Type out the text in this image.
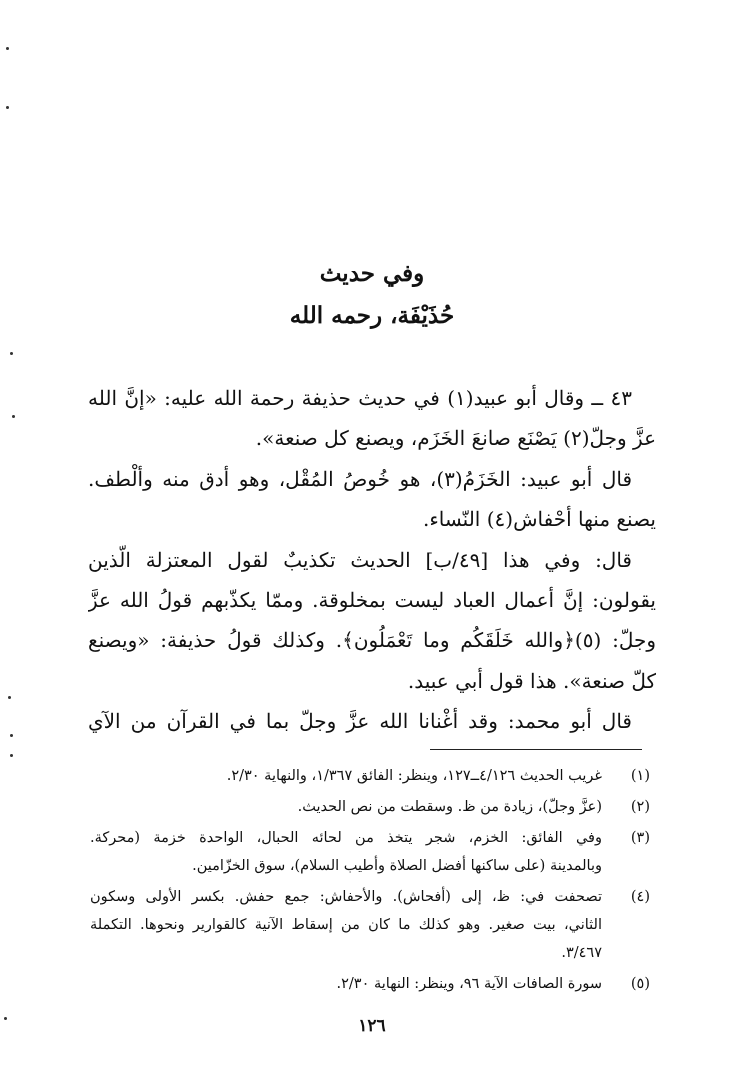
وفي حديث
حُذَيْفَة، رحمه الله
٤٣ ــ وقال أبو عبيد(١) في حديث حذيفة رحمة الله عليه: «إنَّ الله
عزَّ وجلّ(٢) يَصْنَع صانعَ الخَزَم، ويصنع كل صنعة».
قال أبو عبيد: الخَزَمُ(٣)، هو خُوصُ المُقْل، وهو أدق منه وألْطف.
يصنع منها أحْفاش(٤) النّساء.
قال: وفي هذا [٤٩/ب] الحديث تكذيبٌ لقول المعتزلة الّذين
يقولون: إنَّ أعمال العباد ليست بمخلوقة. وممّا يكذّبهم قولُ الله عزَّ
وجلّ: (٥)﴿والله خَلَقَكُم وما تَعْمَلُون﴾. وكذلك قولُ حذيفة: «ويصنع
كلّ صنعة». هذا قول أبي عبيد.
قال أبو محمد: وقد أغْنانا الله عزَّ وجلّ بما في القرآن من الآي
(١)
غريب الحديث ٤/١٢٦ــ١٢٧، وينظر: الفائق ١/٣٦٧، والنهاية ٢/٣٠.
(٢)
(عزَّ وجلّ)، زيادة من ظ. وسقطت من نص الحديث.
(٣)
وفي الفائق: الخزم، شجر يتخذ من لحائه الحبال، الواحدة خزمة (محركة.
وبالمدينة (على ساكنها أفضل الصلاة وأطيب السلام)، سوق الخزّامين.
(٤)
تصحفت في: ظ، إلى (أفحاش). والأحفاش: جمع حفش. بكسر الأولى وسكون
الثاني، بيت صغير. وهو كذلك ما كان من إسقاط الآنية كالقوارير ونحوها. التكملة
٣/٤٦٧.
(٥)
سورة الصافات الآية ٩٦، وينظر: النهاية ٢/٣٠.
١٢٦
